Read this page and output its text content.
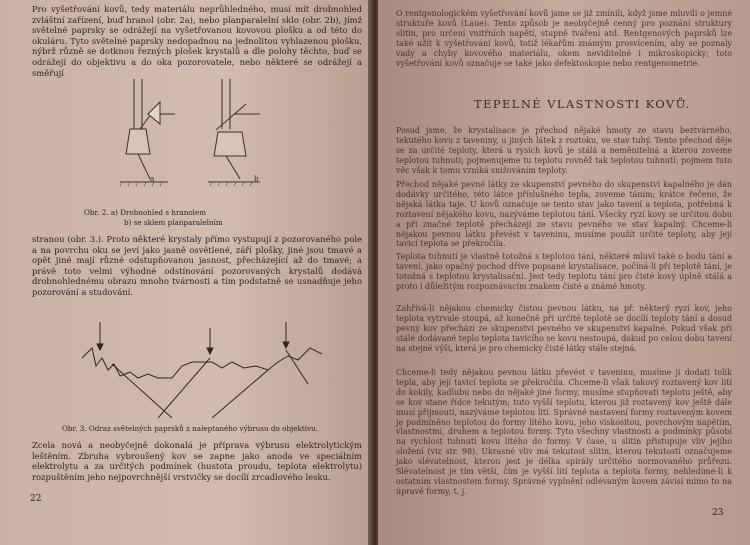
Pro vyšetřování kovů, tedy materiálu neprůhledného, musí mít drobnohled zvláštní zařízení, buď hranol (obr. 2a), nebo planparalelní sklo (obr. 2b), jímž světelné paprsky se odrážejí na vyšetřovanou kovovou plošku a od této do okuláru. Tyto světelné paprsky nedopadnou na jednolitou vyhlazenou plošku, nýbrž různě se dotknou řezných plošek krystalů a dle polohy těchto, buď se odrážejí do objektivu a do oka pozorovatele, nebo některé se odrážejí a směřují
a	b
Obr. 2. a) Drobnohled s hranolem
b) se sklem planparalelním
stranou (obr. 3.). Proto některé krystaly přímo vystupují z pozorovaného pole a na povrchu oku se jeví jako jasně osvětlené, září plošky, jiné jsou tmavé a opět jiné mají různé odstupňovanou jasnost, přecházející až do tmavé; a právě toto velmi výhodné odstínování pozorovaných krystalů dodává drobnohlednému obrazu mnoho tvárnosti a tím podstatně se usnadňuje jeho pozorování a studování.
Obr. 3. Odraz světelných paprsků z naleptaného výbrusu do objektivu.
Zcela nová a neobyčejně dokonalá je příprava výbrusu elektrolytickým leštěním. Zbruha vybroušený kov se zapne jako anoda ve speciálním elektrolytu a za určitých podmínek (hustota proudu, teplota elektrolytu) rozpuštěním jeho nejpovrchnější vrstvičky se docílí zrcadlového lesku.
22
O rentgenologickém vyšetřování kovů jsme se již zmínili, když jsme mluvili o jemné struktuře kovů (Laue). Tento způsob je neobyčejně cenný pro poznání struktury slitin, pro určení vnitřních napětí, stupně tváření atd. Rentgenových paprsků lze také užít k vyšetřování kovů, totiž lékařům známým prosvícením, aby se poznaly vady a chyby kovového materiálu, okem neviditelné i mikroskopicky; toto vyšetřování kovů označuje se také jako defektoskopie nebo rentgenometrie.
TEPELNÉ VLASTNOSTI KOVŮ.
Posud jsme, že krystalisace je přechod nějaké hmoty ze stavu beztvárného, tekutého kovu z taveniny, u jiných látek z roztoku, ve stav tuhý. Tento přechod děje se za určité teploty, která u rysích kovů je stálá a neměnitelná a kterou zoveme teplotou tuhnutí; pojmenujeme tu teplotu rovněž tak teplotou tuhnutí; pojmem tuto věc však k tomu vzniká snižováním teploty.
Přechod nějaké pevné látky ze skupenství pevného do skupenství kapalného je dán dodávky určitého, této látce příslušného tepla, zoveme táním; krátce řečeno, že nějaká látka taje. U kovů označuje se tento stav jako tavení a teplota, potřebná k roztavení nějakého kovu, nazýváme teplotou tání. Všecky ryzí kovy se určitou dobu a při značné teplotě přecházejí ze stavu pevného ve stav kapalný. Chceme-li nějakou pevnou látku převést v taveninu, musíme použít určité teploty, aby její tavicí teplota se překročila.
Teplota tuhnutí je vlastně totožná s teplotou tání, některé mluví také o bodu tání a tavení, jako opačný pochod dříve popsané krystalisace, počíná-li při teplotě tání, je totožná s teplotou krystalisační. Jest tedy teplotu tání pro čisté kovy úplně stálá a proto i důležitým rozpoznávacím znakem čisté a známé hmoty.
Zahřívá-li nějakou chemicky čistou pevnou látku, na př. některý ryzí kov, jeho teplota vytrvale stoupá, až konečně při určité teplotě se docílí teploty tání a dosud pevný kov přechází ze skupenství pevného ve skupenství kapalné. Pokud však při stálé dodávané teplo teplota tavicího se kovu nestoupá, dokud po celou dobu tavení na stejné výši, která je pro chemicky čisté látky stále stejná.
Chceme-li tedy nějakou pevnou látku převést v taveninu, musíme ji dodati tolik tepla, aby její tavicí teplota se překročila. Chceme-li však takový roztavený kov lití do kokily, kadlubu nebo do nějaké jiné formy, musíme stupňovati teplotu ještě, aby se kov stane řídce tekutým; tuto vyšší teplotu, kterou již roztavený kov ještě dále musí přijmouti, nazýváme teplotou lití. Správné nastavení formy roztaveným kovem je podmíněno teplotou do formy lítého kovu, jeho viskositou, povrchovým napětím, vlastnostmi, druhem a teplotou formy. Tyto všechny vlastnosti a podmínky působí na rychlost tuhnutí kovu lítého do formy. V čase, u slitin přistupuje vliv jejího složení (viz str. 98). Ukrasné vliv má tekutost slitin, kterou tekutostí označujeme jako slévatelnost, kterou jest je délka spirály určitého normovaného průřezu. Slévatelnost je tím větší, čím je vyšší lití teplota a teplota formy, nehledíme-li k ostatním vlastnostem formy. Správné vyplnění odlévaným kovem závisí mimo to na úpravě formy, t. j.
23
